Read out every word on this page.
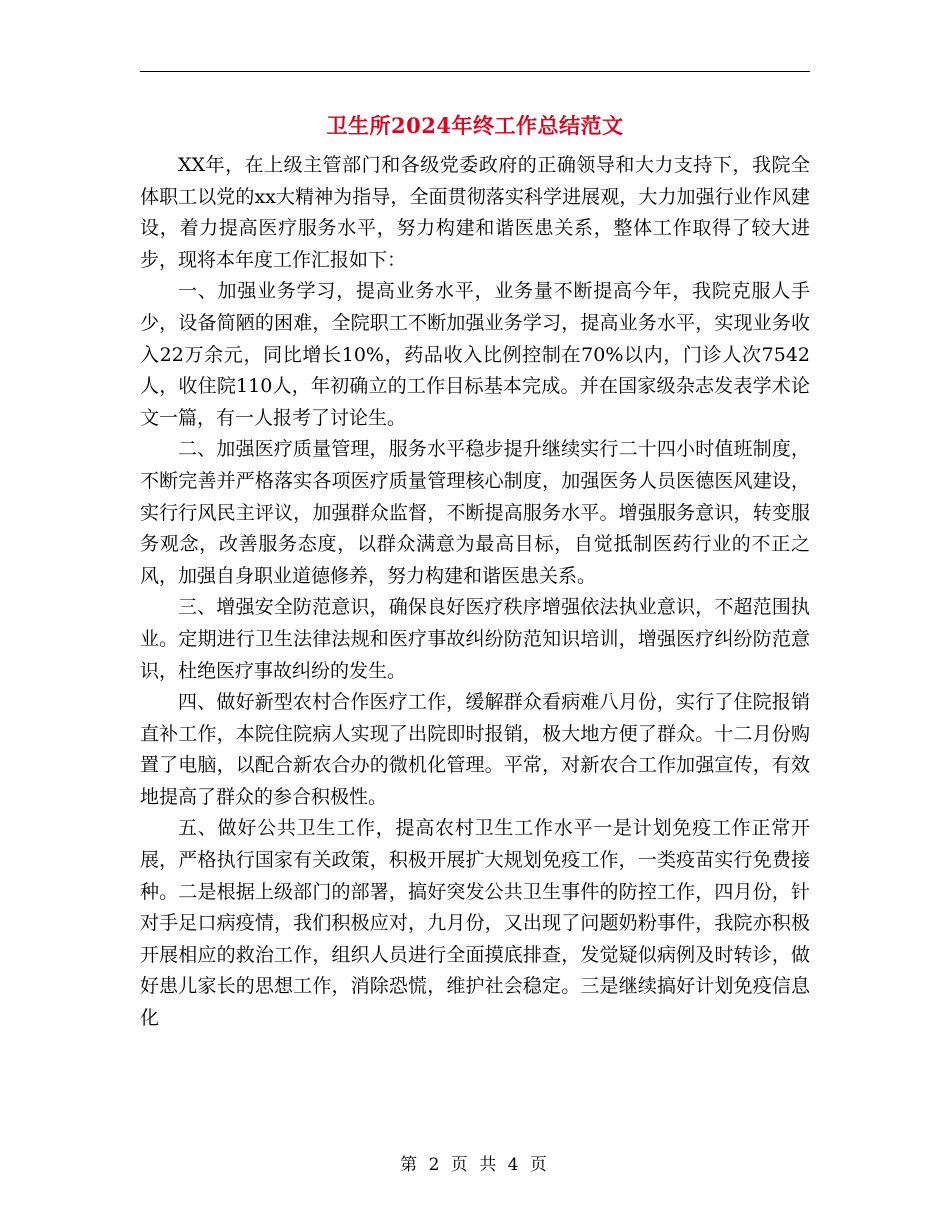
卫生所2024年终工作总结范文

XX年，在上级主管部门和各级党委政府的正确领导和大力支持下，我院全体职工以党的xx大精神为指导，全面贯彻落实科学进展观，大力加强行业作风建设，着力提高医疗服务水平，努力构建和谐医患关系，整体工作取得了较大进步，现将本年度工作汇报如下：

一、加强业务学习，提高业务水平，业务量不断提高今年，我院克服人手少，设备简陋的困难，全院职工不断加强业务学习，提高业务水平，实现业务收入22万余元，同比增长10%，药品收入比例控制在70%以内，门诊人次7542人，收住院110人，年初确立的工作目标基本完成。并在国家级杂志发表学术论文一篇，有一人报考了讨论生。

二、加强医疗质量管理，服务水平稳步提升继续实行二十四小时值班制度，不断完善并严格落实各项医疗质量管理核心制度，加强医务人员医德医风建设，实行行风民主评议，加强群众监督，不断提高服务水平。增强服务意识，转变服务观念，改善服务态度，以群众满意为最高目标，自觉抵制医药行业的不正之风，加强自身职业道德修养，努力构建和谐医患关系。

三、增强安全防范意识，确保良好医疗秩序增强依法执业意识，不超范围执业。定期进行卫生法律法规和医疗事故纠纷防范知识培训，增强医疗纠纷防范意识，杜绝医疗事故纠纷的发生。

四、做好新型农村合作医疗工作，缓解群众看病难八月份，实行了住院报销直补工作，本院住院病人实现了出院即时报销，极大地方便了群众。十二月份购置了电脑，以配合新农合办的微机化管理。平常，对新农合工作加强宣传，有效地提高了群众的参合积极性。

五、做好公共卫生工作，提高农村卫生工作水平一是计划免疫工作正常开展，严格执行国家有关政策，积极开展扩大规划免疫工作，一类疫苗实行免费接种。二是根据上级部门的部署，搞好突发公共卫生事件的防控工作，四月份，针对手足口病疫情，我们积极应对，九月份，又出现了问题奶粉事件，我院亦积极开展相应的救治工作，组织人员进行全面摸底排查，发觉疑似病例及时转诊，做好患儿家长的思想工作，消除恐慌，维护社会稳定。三是继续搞好计划免疫信息化

第 2 页 共 4 页
